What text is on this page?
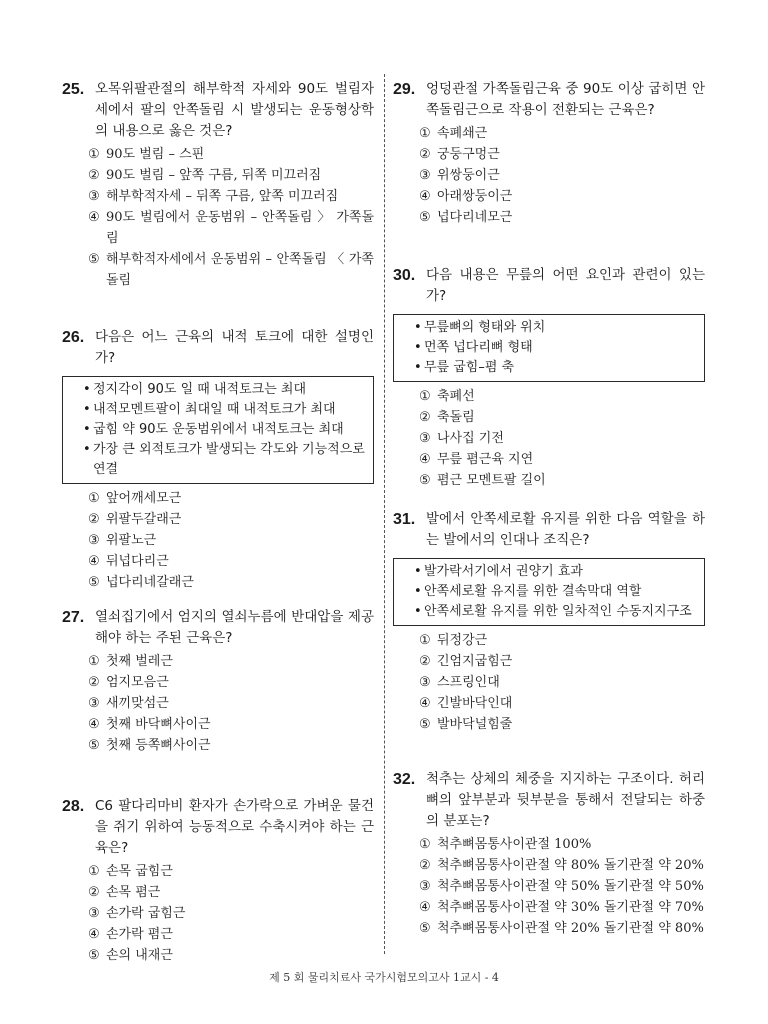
25. 오목위팔관절의 해부학적 자세와 90도 벌림자세에서 팔의 안쪽돌림 시 발생되는 운동형상학의 내용으로 옳은 것은?
① 90도 벌림 – 스핀
② 90도 벌림 – 앞쪽 구름, 뒤쪽 미끄러짐
③ 해부학적자세 – 뒤쪽 구름, 앞쪽 미끄러짐
④ 90도 벌림에서 운동범위 – 안쪽돌림 〉 가쪽돌림
⑤ 해부학적자세에서 운동범위 – 안쪽돌림 〈 가쪽돌림
26. 다음은 어느 근육의 내적 토크에 대한 설명인가?
• 정지각이 90도 일 때 내적토크는 최대
• 내적모멘트팔이 최대일 때 내적토크가 최대
• 굽힘 약 90도 운동범위에서 내적토크는 최대
• 가장 큰 외적토크가 발생되는 각도와 기능적으로 연결
① 앞어깨세모근
② 위팔두갈래근
③ 위팔노근
④ 뒤넙다리근
⑤ 넙다리네갈래근
27. 열쇠집기에서 엄지의 열쇠누름에 반대압을 제공해야 하는 주된 근육은?
① 첫째 벌레근
② 엄지모음근
③ 새끼맞섬근
④ 첫째 바닥뼈사이근
⑤ 첫째 등쪽뼈사이근
28. C6 팔다리마비 환자가 손가락으로 가벼운 물건을 쥐기 위하여 능동적으로 수축시켜야 하는 근육은?
① 손목 굽힘근
② 손목 폄근
③ 손가락 굽힘근
④ 손가락 폄근
⑤ 손의 내재근
29. 엉덩관절 가쪽돌림근육 중 90도 이상 굽히면 안쪽돌림근으로 작용이 전환되는 근육은?
① 속폐쇄근
② 궁둥구멍근
③ 위쌍둥이근
④ 아래쌍둥이근
⑤ 넙다리네모근
30. 다음 내용은 무릎의 어떤 요인과 관련이 있는가?
• 무릎뼈의 형태와 위치
• 먼쪽 넙다리뼈 형태
• 무릎 굽힘–폄 축
① 축폐선
② 축돌림
③ 나사집 기전
④ 무릎 폄근육 지연
⑤ 폄근 모멘트팔 길이
31. 발에서 안쪽세로활 유지를 위한 다음 역할을 하는 발에서의 인대나 조직은?
• 발가락서기에서 권양기 효과
• 안쪽세로활 유지를 위한 결속막대 역할
• 안쪽세로활 유지를 위한 일차적인 수동지지구조
① 뒤정강근
② 긴엄지굽힘근
③ 스프링인대
④ 긴발바닥인대
⑤ 발바닥널힘줄
32. 척추는 상체의 체중을 지지하는 구조이다. 허리뼈의 앞부분과 뒷부분을 통해서 전달되는 하중의 분포는?
① 척추뼈몸통사이관절 100%
② 척추뼈몸통사이관절 약 80% 돌기관절 약 20%
③ 척추뼈몸통사이관절 약 50% 돌기관절 약 50%
④ 척추뼈몸통사이관절 약 30% 돌기관절 약 70%
⑤ 척추뼈몸통사이관절 약 20% 돌기관절 약 80%
제 5 회 물리치료사 국가시험모의고사 1교시 - 4
